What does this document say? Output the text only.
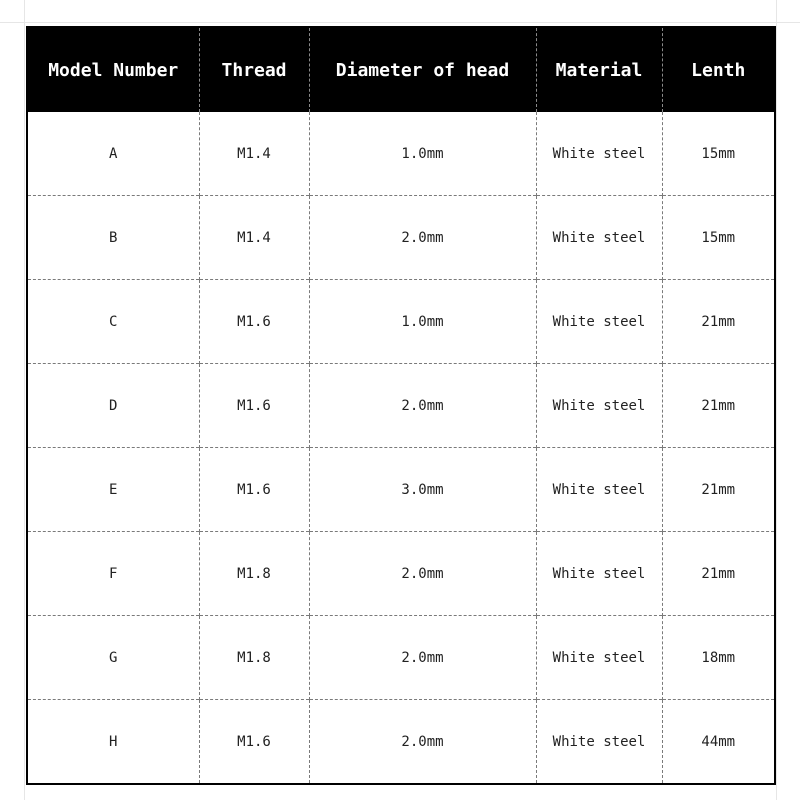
Model Number	Thread	Diameter of head	Material	Lenth
A	M1.4	1.0mm	White steel	15mm
B	M1.4	2.0mm	White steel	15mm
C	M1.6	1.0mm	White steel	21mm
D	M1.6	2.0mm	White steel	21mm
E	M1.6	3.0mm	White steel	21mm
F	M1.8	2.0mm	White steel	21mm
G	M1.8	2.0mm	White steel	18mm
H	M1.6	2.0mm	White steel	44mm
